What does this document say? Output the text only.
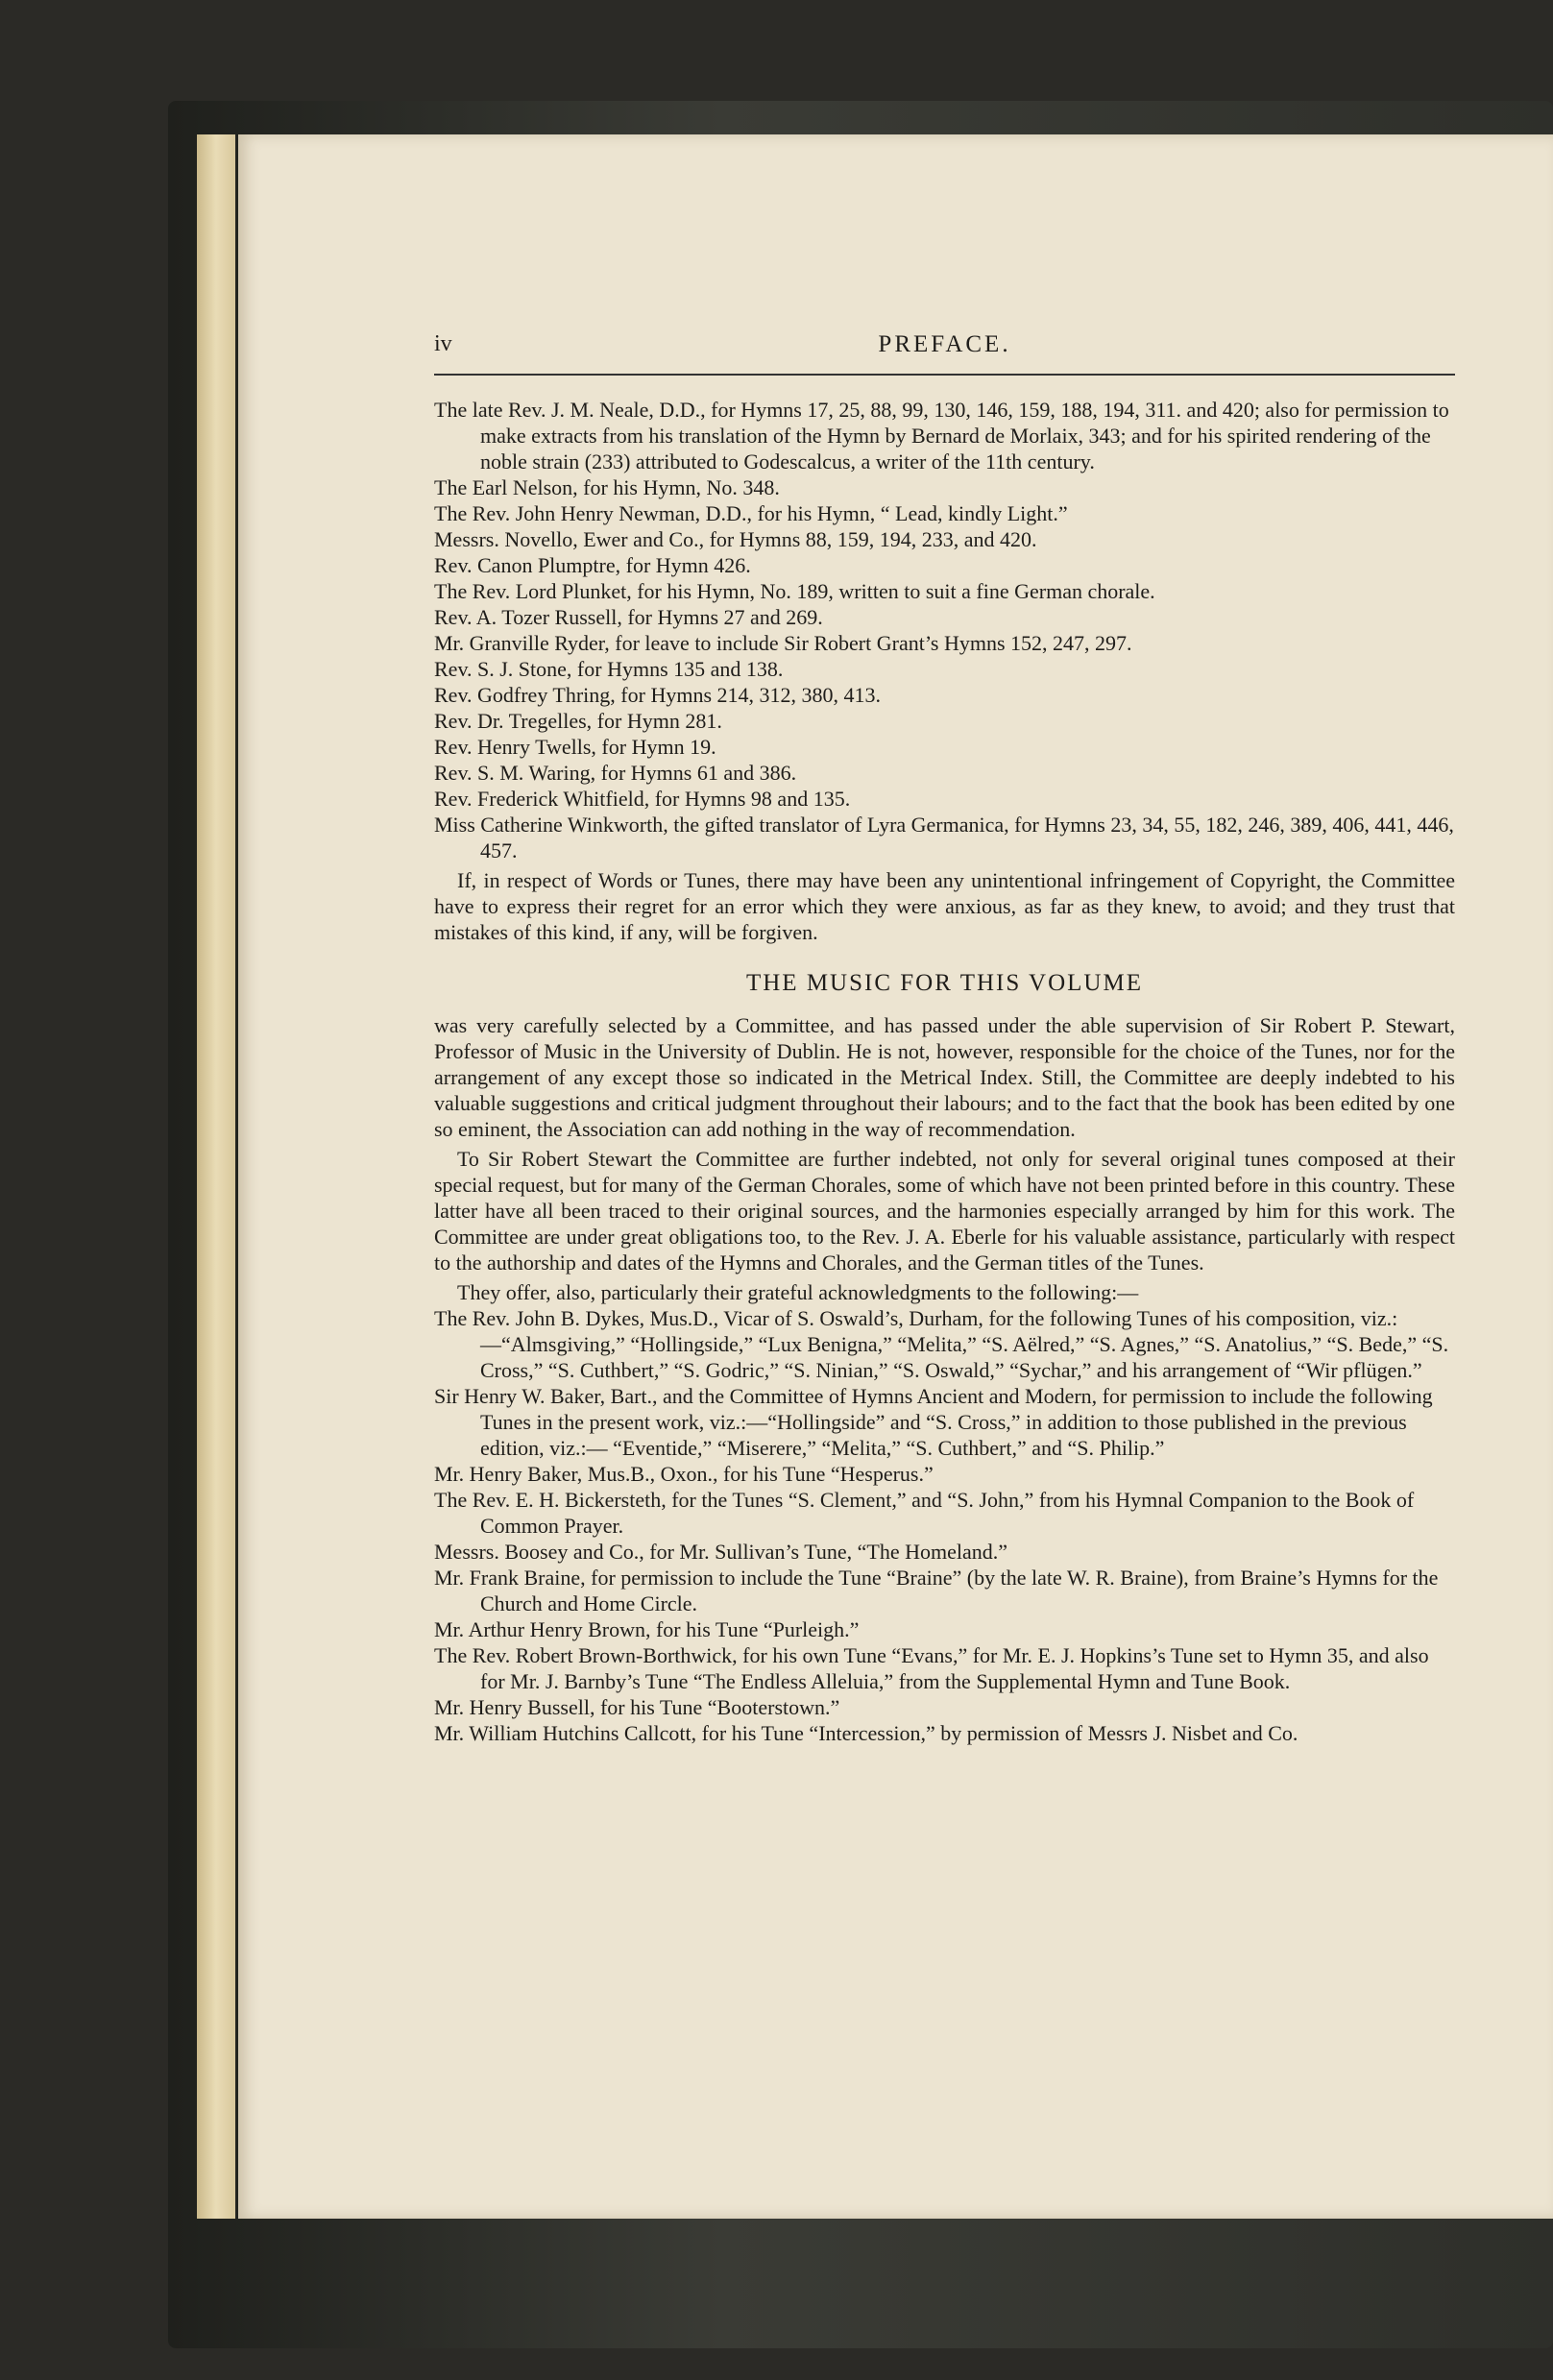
iv	PREFACE.

The late Rev. J. M. Neale, D.D., for Hymns 17, 25, 88, 99, 130, 146, 159, 188, 194, 311. and 420; also for permission to make extracts from his translation of the Hymn by Bernard de Morlaix, 343; and for his spirited rendering of the noble strain (233) attributed to Godescalcus, a writer of the 11th century.

The Earl Nelson, for his Hymn, No. 348.

The Rev. John Henry Newman, D.D., for his Hymn, “ Lead, kindly Light.”

Messrs. Novello, Ewer and Co., for Hymns 88, 159, 194, 233, and 420.

Rev. Canon Plumptre, for Hymn 426.

The Rev. Lord Plunket, for his Hymn, No. 189, written to suit a fine German chorale.

Rev. A. Tozer Russell, for Hymns 27 and 269.

Mr. Granville Ryder, for leave to include Sir Robert Grant’s Hymns 152, 247, 297.

Rev. S. J. Stone, for Hymns 135 and 138.

Rev. Godfrey Thring, for Hymns 214, 312, 380, 413.

Rev. Dr. Tregelles, for Hymn 281.

Rev. Henry Twells, for Hymn 19.

Rev. S. M. Waring, for Hymns 61 and 386.

Rev. Frederick Whitfield, for Hymns 98 and 135.

Miss Catherine Winkworth, the gifted translator of Lyra Germanica, for Hymns 23, 34, 55, 182, 246, 389, 406, 441, 446, 457.

If, in respect of Words or Tunes, there may have been any unintentional infringement of Copyright, the Committee have to express their regret for an error which they were anxious, as far as they knew, to avoid; and they trust that mistakes of this kind, if any, will be forgiven.

THE MUSIC FOR THIS VOLUME

was very carefully selected by a Committee, and has passed under the able supervision of Sir Robert P. Stewart, Professor of Music in the University of Dublin. He is not, however, responsible for the choice of the Tunes, nor for the arrangement of any except those so indicated in the Metrical Index. Still, the Committee are deeply indebted to his valuable suggestions and critical judgment throughout their labours; and to the fact that the book has been edited by one so eminent, the Association can add nothing in the way of recommendation.

To Sir Robert Stewart the Committee are further indebted, not only for several original tunes composed at their special request, but for many of the German Chorales, some of which have not been printed before in this country. These latter have all been traced to their original sources, and the harmonies especially arranged by him for this work. The Committee are under great obligations too, to the Rev. J. A. Eberle for his valuable assistance, particularly with respect to the authorship and dates of the Hymns and Chorales, and the German titles of the Tunes.

They offer, also, particularly their grateful acknowledgments to the following:—

The Rev. John B. Dykes, Mus.D., Vicar of S. Oswald’s, Durham, for the following Tunes of his composition, viz.:—“Almsgiving,” “Hollingside,” “Lux Benigna,” “Melita,” “S. Aëlred,” “S. Agnes,” “S. Anatolius,” “S. Bede,” “S. Cross,” “S. Cuthbert,” “S. Godric,” “S. Ninian,” “S. Oswald,” “Sychar,” and his arrangement of “Wir pflügen.”

Sir Henry W. Baker, Bart., and the Committee of Hymns Ancient and Modern, for permission to include the following Tunes in the present work, viz.:—“Hollingside” and “S. Cross,” in addition to those published in the previous edition, viz.:— “Eventide,” “Miserere,” “Melita,” “S. Cuthbert,” and “S. Philip.”

Mr. Henry Baker, Mus.B., Oxon., for his Tune “Hesperus.”

The Rev. E. H. Bickersteth, for the Tunes “S. Clement,” and “S. John,” from his Hymnal Companion to the Book of Common Prayer.

Messrs. Boosey and Co., for Mr. Sullivan’s Tune, “The Homeland.”

Mr. Frank Braine, for permission to include the Tune “Braine” (by the late W. R. Braine), from Braine’s Hymns for the Church and Home Circle.

Mr. Arthur Henry Brown, for his Tune “Purleigh.”

The Rev. Robert Brown-Borthwick, for his own Tune “Evans,” for Mr. E. J. Hopkins’s Tune set to Hymn 35, and also for Mr. J. Barnby’s Tune “The Endless Alleluia,” from the Supplemental Hymn and Tune Book.

Mr. Henry Bussell, for his Tune “Booterstown.”

Mr. William Hutchins Callcott, for his Tune “Intercession,” by permission of Messrs J. Nisbet and Co.
